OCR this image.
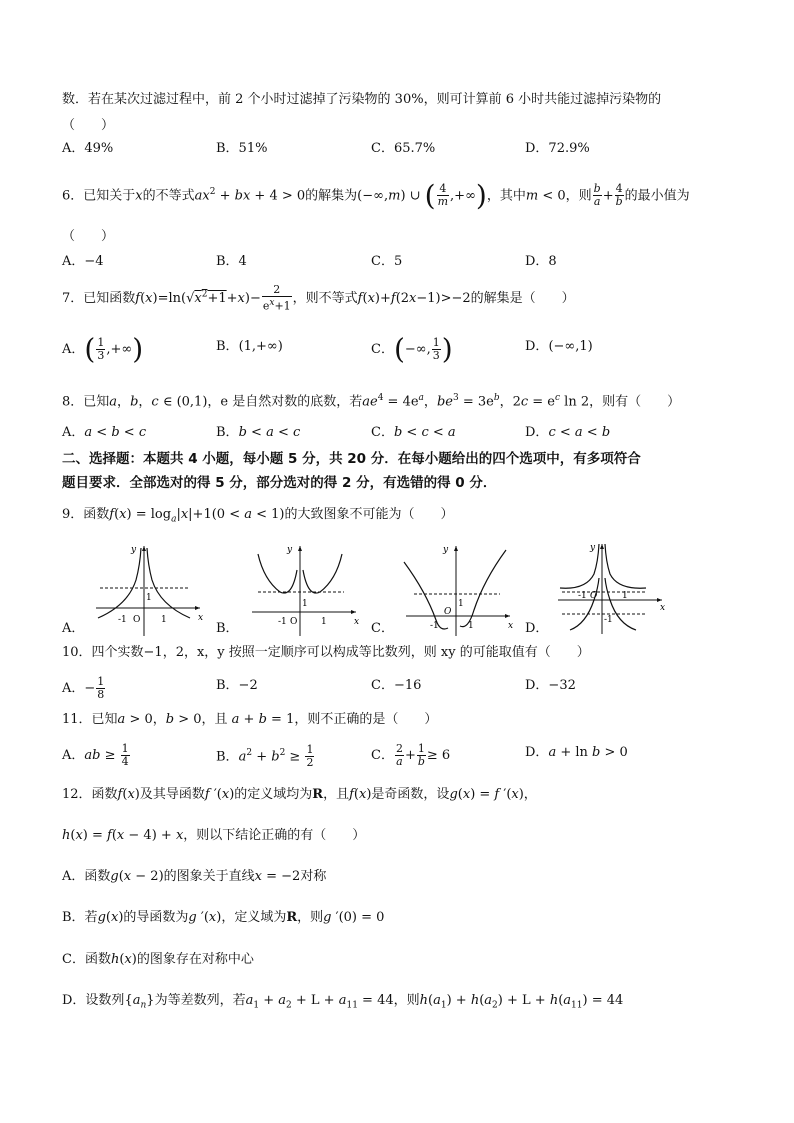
数．若在某次过滤过程中，前 2 个小时过滤掉了污染物的 30%，则可计算前 6 小时共能过滤掉污染物的
（　　）
A．49%	B．51%	C．65.7%	D．72.9%
6．已知关于x的不等式$ax^2$ + bx + 4 > 0的解集为(−∞,m) ∪ ( $\frac{4}{m}$ ,+∞)，其中m < 0，则 $\frac{b}{a} + \frac{4}{b}$ 的最小值为
（　　）
A．−4	B．4	C．5	D．8
7．已知函数$f(x)=\ln(√x^2+1+x)- \frac{2}{e^x+1}$ ，则不等式f(x)+f(2x−1)>−2的解集是（　　）
A．( $\frac{1}{3}$ ,+∞)	B．(1,+∞)	C．(−∞, $\frac{1}{3}$ )	D．(−∞,1)
8．已知a，b，c ∈ (0,1)，e 是自然对数的底数，若$ae^4 = 4e^a$，$be^3 = 3e^b$，$2c = e^c$ ln 2，则有（　　）
A．a < b < c	B．b < a < c	C．b < c < a	D．c < a < b
二、选择题：本题共 4 小题，每小题 5 分，共 20 分．在每小题给出的四个选项中，有多项符合
题目要求．全部选对的得 5 分，部分选对的得 2 分，有选错的得 0 分．
9．函数$f(x) = \log_a|x|+1(0 < a < 1)$的大致图象不可能为（　　）
A．
y
x
-1 O 1
1
B．
y
x
-1 O	1
1
C．
y
x
-1
O
1
1
D．
y
x
-1 O	1
-1
10．四个实数−1，2，x，y 按照一定顺序可以构成等比数列，则 xy 的可能取值有（　　）
A．− $\frac{1}{8}$	B．−2	C．−16	D．−32
11．已知a > 0，b > 0，且 a + b = 1，则不正确的是（　　）
A．ab ≥ $\frac{1}{4}$	B．$a^2 + b^2 \ge \frac{1}{2}$	C． $\frac{2}{a} + \frac{1}{b} \ge 6$	D．a + ln b > 0
12．函数f(x)及其导函数f ′(x)的定义域均为R，且f(x)是奇函数，设g(x) = f ′(x)，
h(x) = f(x − 4) + x，则以下结论正确的有（　　）
A．函数g(x − 2)的图象关于直线x = −2对称
B．若g(x)的导函数为g ′(x)，定义域为R，则g ′(0) = 0
C．函数h(x)的图象存在对称中心
D．设数列$\{a_n\}$为等差数列，若$a_1 + a_2 + L + a_{11} = 44$，则$h(a_1) + h(a_2) + L + h(a_{11}) = 44$
